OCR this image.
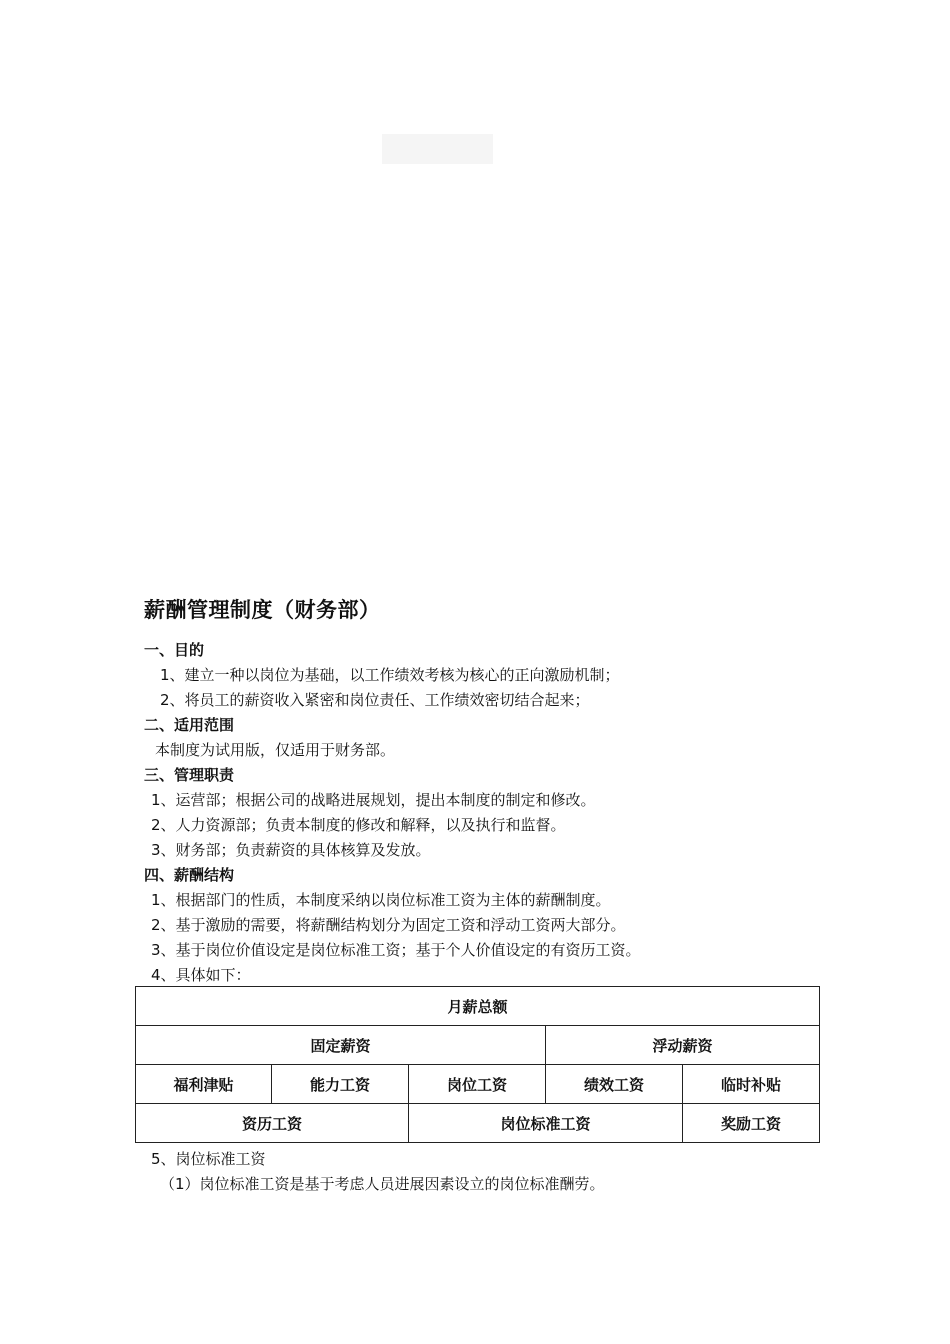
薪酬管理制度（财务部）
一、目的
1、建立一种以岗位为基础，以工作绩效考核为核心的正向激励机制；
2、将员工的薪资收入紧密和岗位责任、工作绩效密切结合起来；
二、适用范围
本制度为试用版，仅适用于财务部。
三、管理职责
1、运营部；根据公司的战略进展规划，提出本制度的制定和修改。
2、人力资源部；负责本制度的修改和解释，以及执行和监督。
3、财务部；负责薪资的具体核算及发放。
四、薪酬结构
1、根据部门的性质，本制度采纳以岗位标准工资为主体的薪酬制度。
2、基于激励的需要，将薪酬结构划分为固定工资和浮动工资两大部分。
3、基于岗位价值设定是岗位标准工资；基于个人价值设定的有资历工资。
4、具体如下：
月薪总额				
固定薪资			浮动薪资	
福利津贴	能力工资	岗位工资	绩效工资	临时补贴
资历工资		岗位标准工资		奖励工资
5、岗位标准工资
（1）岗位标准工资是基于考虑人员进展因素设立的岗位标准酬劳。
